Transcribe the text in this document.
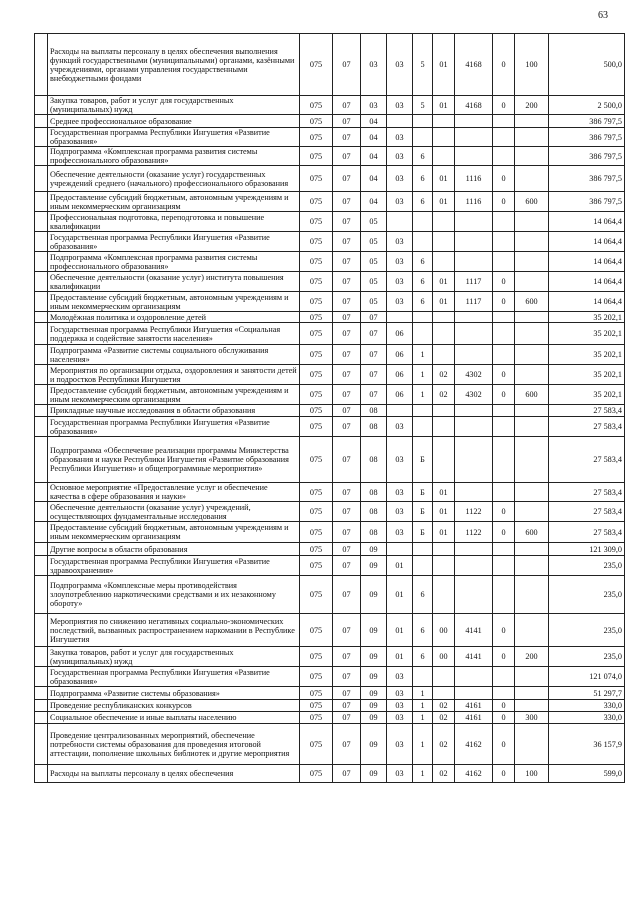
63
	Расходы на выплаты персоналу в целях обеспечения выполнения функций государственными (муниципальными) органами, казёнными учреждениями, органами управления государственными внебюджетными фондами	075	07	03	03	5	01	4168	0	100	500,0
	Закупка товаров, работ и услуг для государственных (муниципальных) нужд	075	07	03	03	5	01	4168	0	200	2 500,0
	Среднее профессиональное образование	075	07	04							386 797,5
	Государственная программа Республики Ингушетия «Развитие образования»	075	07	04	03						386 797,5
	Подпрограмма «Комплексная программа развития системы профессионального образования»	075	07	04	03	6					386 797,5
	Обеспечение деятельности (оказание услуг) государственных учреждений среднего (начального) профессионального образования	075	07	04	03	6	01	1116	0		386 797,5
	Предоставление субсидий бюджетным, автономным учреждениям и иным некоммерческим организациям	075	07	04	03	6	01	1116	0	600	386 797,5
	Профессиональная подготовка, переподготовка и повышение квалификации	075	07	05							14 064,4
	Государственная программа Республики Ингушетия «Развитие образования»	075	07	05	03						14 064,4
	Подпрограмма «Комплексная программа развития системы профессионального образования»	075	07	05	03	6					14 064,4
	Обеспечение деятельности (оказание услуг) института повышения квалификации	075	07	05	03	6	01	1117	0		14 064,4
	Предоставление субсидий бюджетным, автономным учреждениям и иным некоммерческим организациям	075	07	05	03	6	01	1117	0	600	14 064,4
	Молодёжная политика и оздоровление детей	075	07	07							35 202,1
	Государственная программа Республики Ингушетия «Социальная поддержка и содействие занятости населения»	075	07	07	06						35 202,1
	Подпрограмма «Развитие системы социального обслуживания населения»	075	07	07	06	1					35 202,1
	Мероприятия по организации отдыха, оздоровления и занятости детей и подростков Республики Ингушетия	075	07	07	06	1	02	4302	0		35 202,1
	Предоставление субсидий бюджетным, автономным учреждениям и иным некоммерческим организациям	075	07	07	06	1	02	4302	0	600	35 202,1
	Прикладные научные исследования в области образования	075	07	08							27 583,4
	Государственная программа Республики Ингушетия «Развитие образования»	075	07	08	03						27 583,4
	Подпрограмма «Обеспечение реализации программы Министерства образования и науки Республики Ингушетия «Развитие образования Республики Ингушетия» и общепрограммные мероприятия»	075	07	08	03	Б					27 583,4
	Основное мероприятие «Предоставление услуг и обеспечение качества в сфере образования и науки»	075	07	08	03	Б	01				27 583,4
	Обеспечение деятельности (оказание услуг) учреждений, осуществляющих фундаментальные исследования	075	07	08	03	Б	01	1122	0		27 583,4
	Предоставление субсидий бюджетным, автономным учреждениям и иным некоммерческим организациям	075	07	08	03	Б	01	1122	0	600	27 583,4
	Другие вопросы в области образования	075	07	09							121 309,0
	Государственная программа Республики Ингушетия «Развитие здравоохранения»	075	07	09	01						235,0
	Подпрограмма «Комплексные меры противодействия злоупотреблению наркотическими средствами и их незаконному обороту»	075	07	09	01	6					235,0
	Мероприятия по снижению негативных социально-экономических последствий, вызванных распространением наркомании в Республике Ингушетия	075	07	09	01	6	00	4141	0		235,0
	Закупка товаров, работ и услуг для государственных (муниципальных) нужд	075	07	09	01	6	00	4141	0	200	235,0
	Государственная программа Республики Ингушетия «Развитие образования»	075	07	09	03						121 074,0
	Подпрограмма «Развитие системы образования»	075	07	09	03	1					51 297,7
	Проведение республиканских конкурсов	075	07	09	03	1	02	4161	0		330,0
	Социальное обеспечение и иные выплаты населению	075	07	09	03	1	02	4161	0	300	330,0
	Проведение централизованных мероприятий, обеспечение потребности системы образования для проведения итоговой аттестации, пополнение школьных библиотек и другие мероприятия	075	07	09	03	1	02	4162	0		36 157,9
	Расходы на выплаты персоналу в целях обеспечения	075	07	09	03	1	02	4162	0	100	599,0
